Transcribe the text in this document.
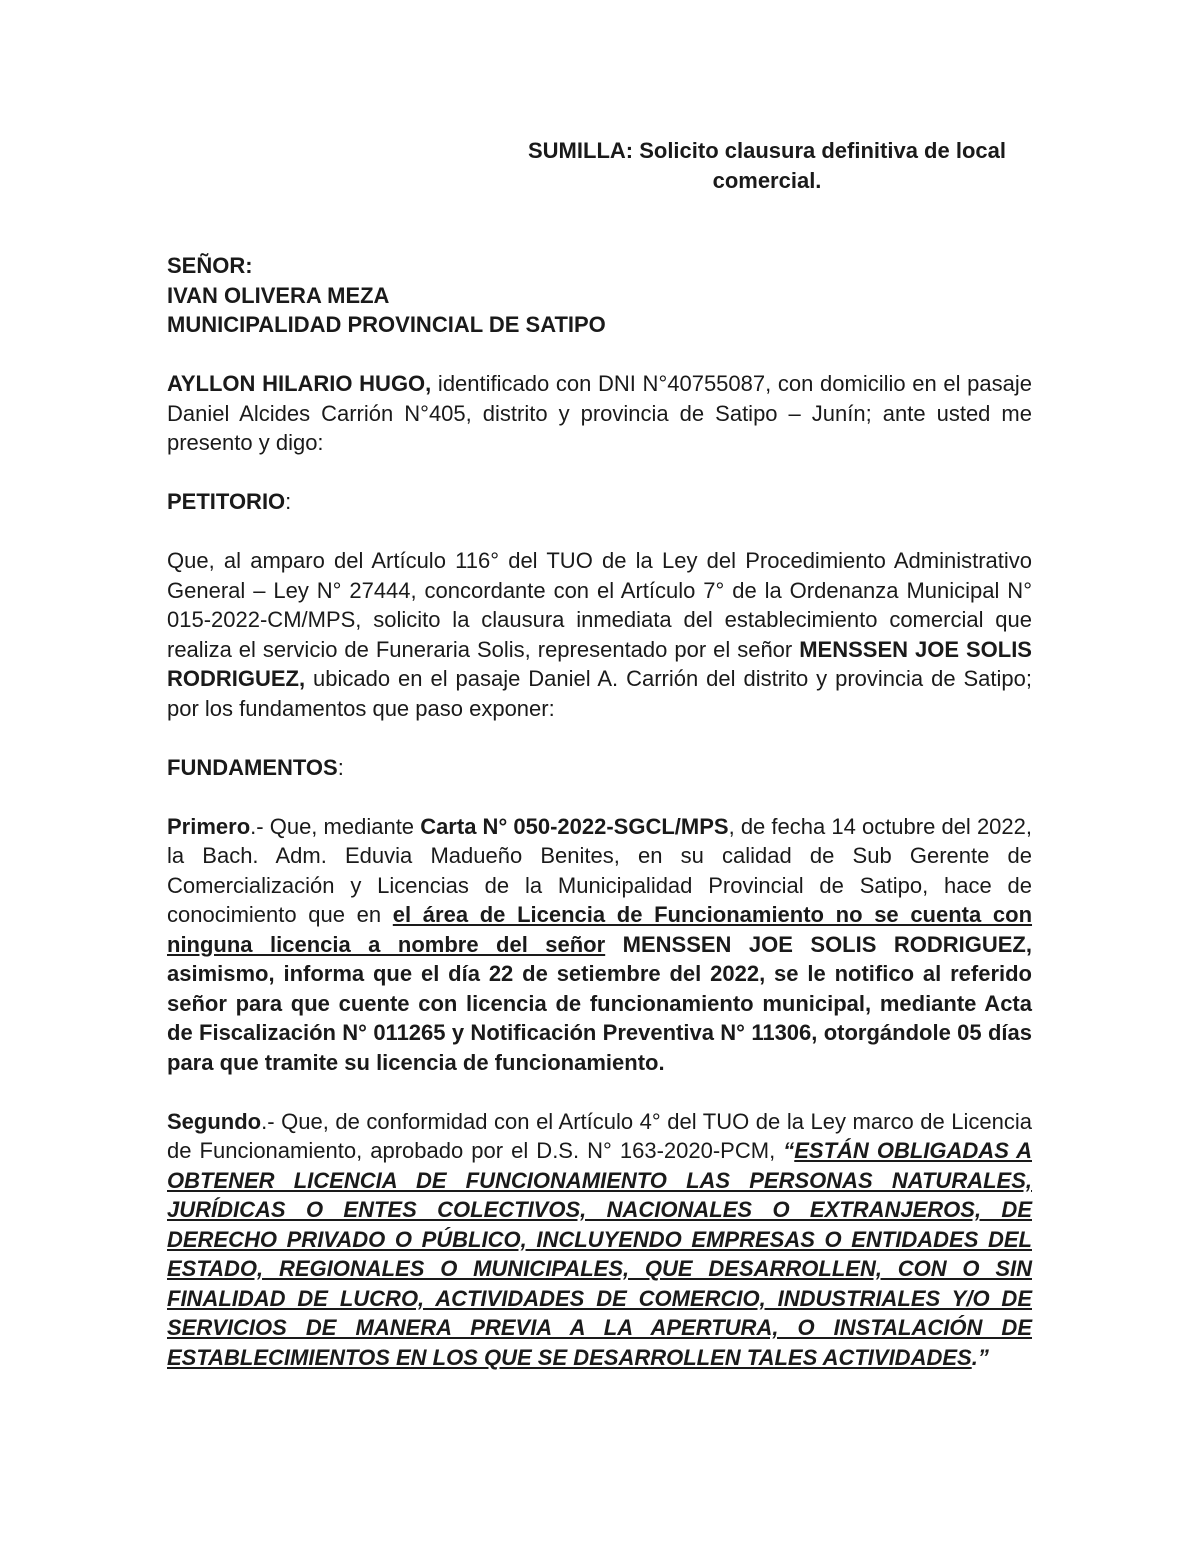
SUMILLA: Solicito clausura definitiva de local

comercial.

SEÑOR:

IVAN OLIVERA MEZA

MUNICIPALIDAD PROVINCIAL DE SATIPO

AYLLON HILARIO HUGO, identificado con DNI N°40755087, con domicilio en el pasaje Daniel Alcides Carrión N°405, distrito y provincia de Satipo – Junín; ante usted me presento y digo:

PETITORIO:

Que, al amparo del Artículo 116° del TUO de la Ley del Procedimiento Administrativo General – Ley N° 27444, concordante con el Artículo 7° de la Ordenanza Municipal N° 015-2022-CM/MPS, solicito la clausura inmediata del establecimiento comercial que realiza el servicio de Funeraria Solis, representado por el señor MENSSEN JOE SOLIS RODRIGUEZ, ubicado en el pasaje Daniel A. Carrión del distrito y provincia de Satipo; por los fundamentos que paso exponer:

FUNDAMENTOS:

Primero.- Que, mediante Carta N° 050-2022-SGCL/MPS, de fecha 14 octubre del 2022, la Bach. Adm. Eduvia Madueño Benites, en su calidad de Sub Gerente de Comercialización y Licencias de la Municipalidad Provincial de Satipo, hace de conocimiento que en el área de Licencia de Funcionamiento no se cuenta con ninguna licencia a nombre del señor MENSSEN JOE SOLIS RODRIGUEZ, asimismo, informa que el día 22 de setiembre del 2022, se le notifico al referido señor para que cuente con licencia de funcionamiento municipal, mediante Acta de Fiscalización N° 011265 y Notificación Preventiva N° 11306, otorgándole 05 días para que tramite su licencia de funcionamiento.

Segundo.- Que, de conformidad con el Artículo 4° del TUO de la Ley marco de Licencia de Funcionamiento, aprobado por el D.S. N° 163-2020-PCM, “ESTÁN OBLIGADAS A OBTENER LICENCIA DE FUNCIONAMIENTO LAS PERSONAS NATURALES, JURÍDICAS O ENTES COLECTIVOS, NACIONALES O EXTRANJEROS, DE DERECHO PRIVADO O PÚBLICO, INCLUYENDO EMPRESAS O ENTIDADES DEL ESTADO, REGIONALES O MUNICIPALES, QUE DESARROLLEN, CON O SIN FINALIDAD DE LUCRO, ACTIVIDADES DE COMERCIO, INDUSTRIALES Y/O DE SERVICIOS DE MANERA PREVIA A LA APERTURA, O INSTALACIÓN DE ESTABLECIMIENTOS EN LOS QUE SE DESARROLLEN TALES ACTIVIDADES.”
